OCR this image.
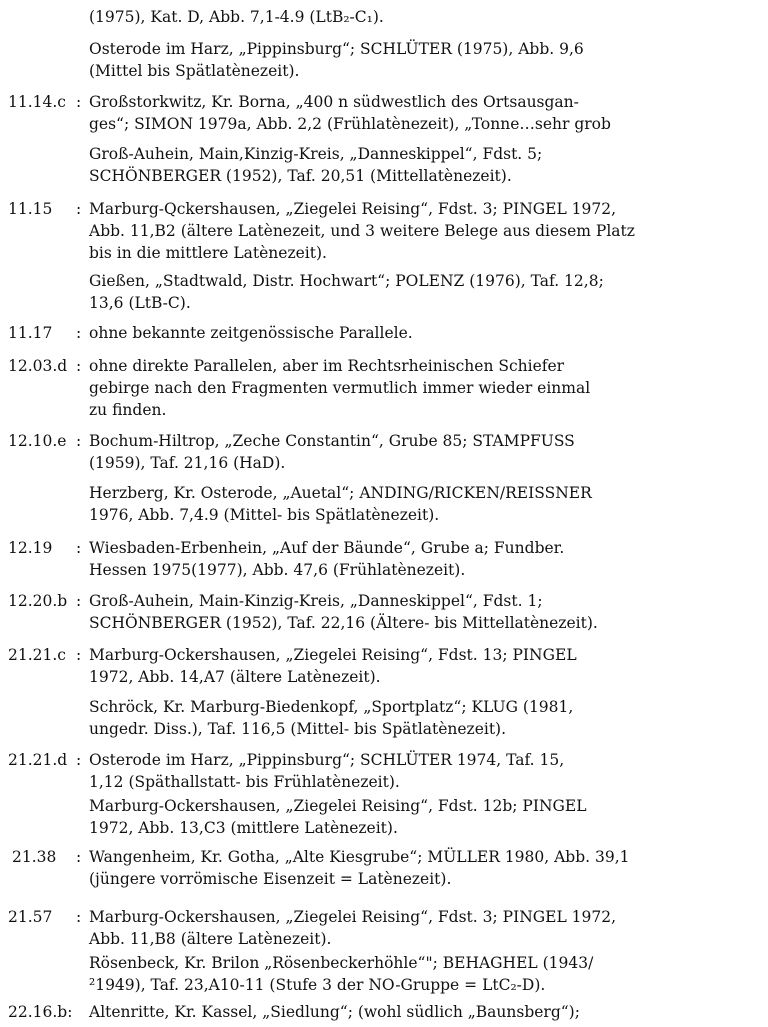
(1975), Kat. D, Abb. 7,1-4.9 (LtB₂-C₁).
Osterode im Harz, „Pippinsburg“; SCHLÜTER (1975), Abb. 9,6
(Mittel bis Spätlatènezeit).
11.14.c : Großstorkwitz, Kr. Borna, „400 n südwestlich des Ortsausgan-
ges“; SIMON 1979a, Abb. 2,2 (Frühlatènezeit), „Tonne…sehr grob
Groß-Auhein, Main,Kinzig-Kreis, „Danneskippel“, Fdst. 5;
SCHÖNBERGER (1952), Taf. 20,51 (Mittellatènezeit).
11.15	: Marburg-Qckershausen, „Ziegelei Reising“, Fdst. 3; PINGEL 1972,
Abb. 11,B2 (ältere Latènezeit, und 3 weitere Belege aus diesem Platz
bis in die mittlere Latènezeit).
Gießen, „Stadtwald, Distr. Hochwart“; POLENZ (1976), Taf. 12,8;
13,6 (LtB-C).
11.17	: ohne bekannte zeitgenössische Parallele.
12.03.d : ohne direkte Parallelen, aber im Rechtsrheinischen Schiefer
gebirge nach den Fragmenten vermutlich immer wieder einmal
zu finden.
12.10.e : Bochum-Hiltrop, „Zeche Constantin“, Grube 85; STAMPFUSS
(1959), Taf. 21,16 (HaD).
Herzberg, Kr. Osterode, „Auetal“; ANDING/RICKEN/REISSNER
1976, Abb. 7,4.9 (Mittel- bis Spätlatènezeit).
12.19	: Wiesbaden-Erbenhein, „Auf der Bäunde“, Grube a; Fundber.
Hessen 1975(1977), Abb. 47,6 (Frühlatènezeit).
12.20.b : Groß-Auhein, Main-Kinzig-Kreis, „Danneskippel“, Fdst. 1;
SCHÖNBERGER (1952), Taf. 22,16 (Ältere- bis Mittellatènezeit).
21.21.c : Marburg-Ockershausen, „Ziegelei Reising“, Fdst. 13; PINGEL
1972, Abb. 14,A7 (ältere Latènezeit).
Schröck, Kr. Marburg-Biedenkopf, „Sportplatz“; KLUG (1981,
ungedr. Diss.), Taf. 116,5 (Mittel- bis Spätlatènezeit).
21.21.d : Osterode im Harz, „Pippinsburg“; SCHLÜTER 1974, Taf. 15,
1,12 (Späthallstatt- bis Frühlatènezeit).
Marburg-Ockershausen, „Ziegelei Reising“, Fdst. 12b; PINGEL
1972, Abb. 13,C3 (mittlere Latènezeit).
21.38	: Wangenheim, Kr. Gotha, „Alte Kiesgrube“; MÜLLER 1980, Abb. 39,1
(jüngere vorrömische Eisenzeit = Latènezeit).
21.57	: Marburg-Ockershausen, „Ziegelei Reising“, Fdst. 3; PINGEL 1972,
Abb. 11,B8 (ältere Latènezeit).
Rösenbeck, Kr. Brilon „Rösenbeckerhöhle“"; BEHAGHEL (1943/
²1949), Taf. 23,A10-11 (Stufe 3 der NO-Gruppe = LtC₂-D).
22.16.b: Altenritte, Kr. Kassel, „Siedlung“; (wohl südlich „Baunsberg“);
